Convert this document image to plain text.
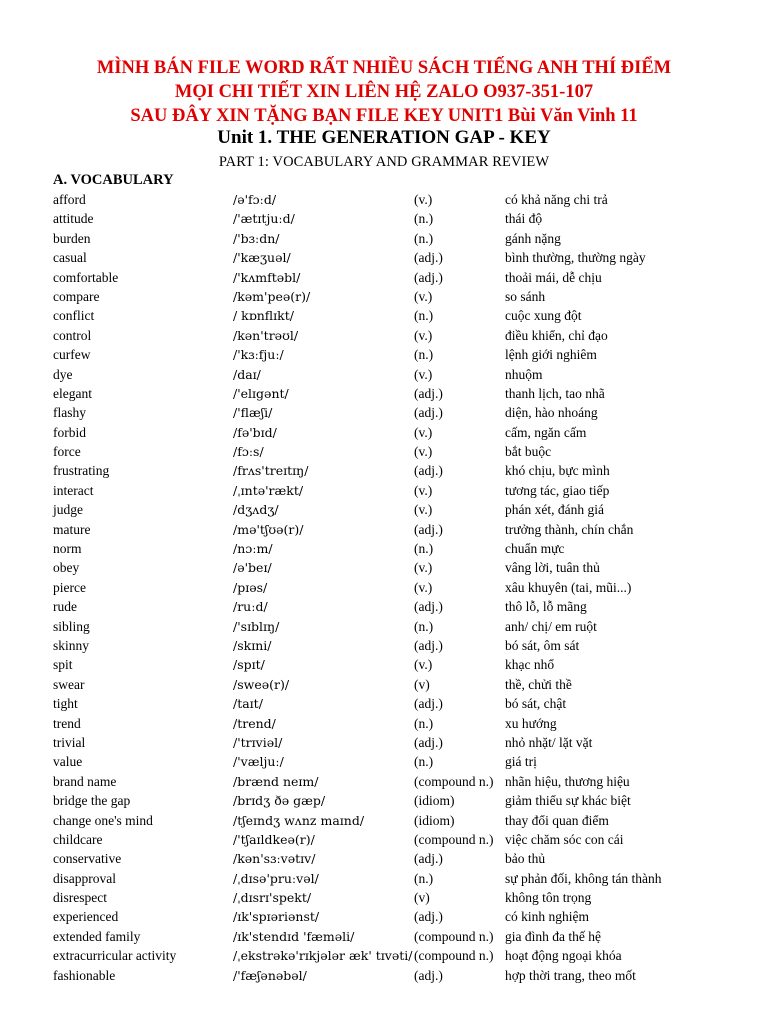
MÌNH BÁN FILE WORD RẤT NHIỀU SÁCH TIẾNG ANH THÍ ĐIỂM
MỌI CHI TIẾT XIN LIÊN HỆ ZALO O937-351-107
SAU ĐÂY XIN TẶNG BẠN FILE KEY UNIT1 Bùi Văn Vinh 11
Unit 1. THE GENERATION GAP - KEY
PART 1: VOCABULARY AND GRAMMAR REVIEW
A. VOCABULARY
afford	/ə'fɔːd/	(v.)	có khả năng chi trả
attitude	/'ætɪtjuːd/	(n.)	thái độ
burden	/'bɜːdn/	(n.)	gánh nặng
casual	/'kæʒuəl/	(adj.)	bình thường, thường ngày
comfortable	/'kʌmftəbl/	(adj.)	thoải mái, dễ chịu
compare	/kəm'peə(r)/	(v.)	so sánh
conflict	/ kɒnflɪkt/	(n.)	cuộc xung đột
control	/kən'trəʊl/	(v.)	điều khiển, chỉ đạo
curfew	/'kɜːfjuː/	(n.)	lệnh giới nghiêm
dye	/daɪ/	(v.)	nhuộm
elegant	/'elɪgənt/	(adj.)	thanh lịch, tao nhã
flashy	/'flæʃi/	(adj.)	diện, hào nhoáng
forbid	/fə'bɪd/	(v.)	cấm, ngăn cấm
force	/fɔːs/	(v.)	bắt buộc
frustrating	/frʌs'treɪtɪŋ/	(adj.)	khó chịu, bực mình
interact	/ˌɪntə'rækt/	(v.)	tương tác, giao tiếp
judge	/dʒʌdʒ/	(v.)	phán xét, đánh giá
mature	/mə'tʃʊə(r)/	(adj.)	trưởng thành, chín chắn
norm	/nɔːm/	(n.)	chuẩn mực
obey	/ə'beɪ/	(v.)	vâng lời, tuân thủ
pierce	/pɪəs/	(v.)	xâu khuyên (tai, mũi...)
rude	/ruːd/	(adj.)	thô lỗ, lỗ mãng
sibling	/'sɪblɪŋ/	(n.)	anh/ chị/ em ruột
skinny	/skɪni/	(adj.)	bó sát, ôm sát
spit	/spɪt/	(v.)	khạc nhổ
swear	/sweə(r)/	(v)	thề, chửi thề
tight	/taɪt/	(adj.)	bó sát, chật
trend	/trend/	(n.)	xu hướng
trivial	/'trɪviəl/	(adj.)	nhỏ nhặt/ lặt vặt
value	/'væljuː/	(n.)	giá trị
brand name	/brænd neɪm/	(compound n.) nhãn hiệu, thương hiệu
bridge the gap	/brɪdʒ ðə gæp/	(idiom)	giảm thiểu sự khác biệt
change one's mind	/tʃeɪndʒ wʌnz maɪnd/	(idiom)	thay đổi quan điểm
childcare	/'tʃaɪldkeə(r)/	(compound n.) việc chăm sóc con cái
conservative	/kən'sɜːvətɪv/	(adj.)	bảo thủ
disapproval	/ˌdɪsə'pruːvəl/	(n.)	sự phản đối, không tán thành
disrespect	/ˌdɪsrɪ'spekt/	(v)	không tôn trọng
experienced	/ɪk'spɪəriənst/	(adj.)	có kinh nghiệm
extended family	/ɪk'stendɪd 'fæməli/	(compound n.) gia đình đa thế hệ
extracurricular activity	/ˌekstrəkə'rɪkjələr æk' tɪvəti/ (compound n.) hoạt động ngoại khóa
fashionable	/'fæʃənəbəl/	(adj.)	hợp thời trang, theo mốt
